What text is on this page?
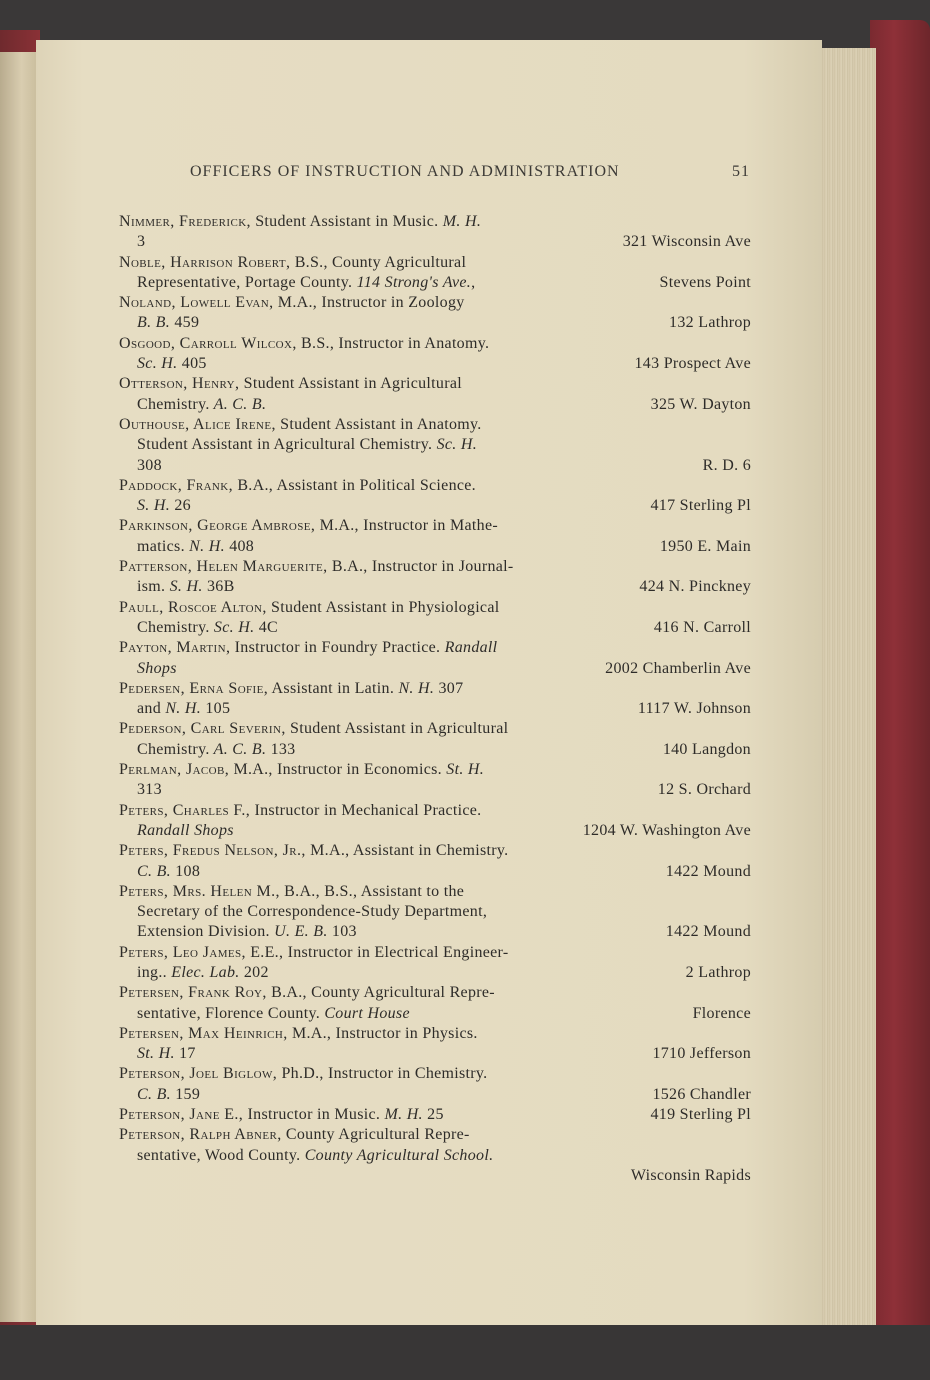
OFFICERS OF INSTRUCTION AND ADMINISTRATION	51
Nimmer, Frederick, Student Assistant in Music. M. H.
3	321 Wisconsin Ave
Noble, Harrison Robert, B.S., County Agricultural
Representative, Portage County. 114 Strong's Ave.,	Stevens Point
Noland, Lowell Evan, M.A., Instructor in Zoology
B. B. 459	132 Lathrop
Osgood, Carroll Wilcox, B.S., Instructor in Anatomy.
Sc. H. 405	143 Prospect Ave
Otterson, Henry, Student Assistant in Agricultural
Chemistry. A. C. B.	325 W. Dayton
Outhouse, Alice Irene, Student Assistant in Anatomy.
Student Assistant in Agricultural Chemistry. Sc. H.
308	R. D. 6
Paddock, Frank, B.A., Assistant in Political Science.
S. H. 26	417 Sterling Pl
Parkinson, George Ambrose, M.A., Instructor in Mathe-
matics. N. H. 408	1950 E. Main
Patterson, Helen Marguerite, B.A., Instructor in Journal-
ism. S. H. 36B	424 N. Pinckney
Paull, Roscoe Alton, Student Assistant in Physiological
Chemistry. Sc. H. 4C	416 N. Carroll
Payton, Martin, Instructor in Foundry Practice. Randall
Shops	2002 Chamberlin Ave
Pedersen, Erna Sofie, Assistant in Latin. N. H. 307
and N. H. 105	1117 W. Johnson
Pederson, Carl Severin, Student Assistant in Agricultural
Chemistry. A. C. B. 133	140 Langdon
Perlman, Jacob, M.A., Instructor in Economics. St. H.
313	12 S. Orchard
Peters, Charles F., Instructor in Mechanical Practice.
Randall Shops	1204 W. Washington Ave
Peters, Fredus Nelson, Jr., M.A., Assistant in Chemistry.
C. B. 108	1422 Mound
Peters, Mrs. Helen M., B.A., B.S., Assistant to the
Secretary of the Correspondence-Study Department,
Extension Division. U. E. B. 103	1422 Mound
Peters, Leo James, E.E., Instructor in Electrical Engineer-
ing.. Elec. Lab. 202	2 Lathrop
Petersen, Frank Roy, B.A., County Agricultural Repre-
sentative, Florence County. Court House	Florence
Petersen, Max Heinrich, M.A., Instructor in Physics.
St. H. 17	1710 Jefferson
Peterson, Joel Biglow, Ph.D., Instructor in Chemistry.
C. B. 159	1526 Chandler
Peterson, Jane E., Instructor in Music. M. H. 25	419 Sterling Pl
Peterson, Ralph Abner, County Agricultural Repre-
sentative, Wood County. County Agricultural School.
Wisconsin Rapids
